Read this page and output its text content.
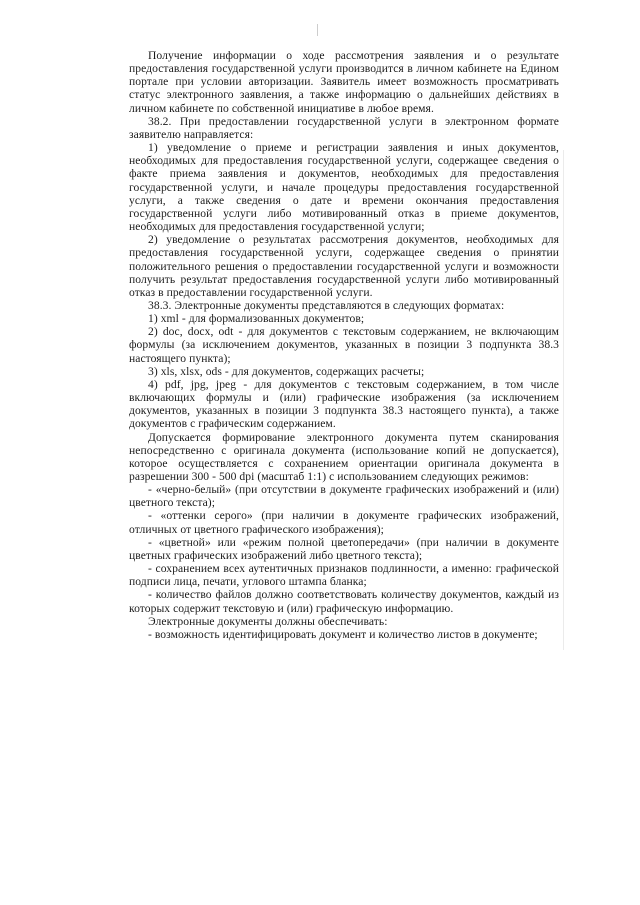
Получение информации о ходе рассмотрения заявления и о результате предоставления государственной услуги производится в личном кабинете на Едином портале при условии авторизации. Заявитель имеет возможность просматривать статус электронного заявления, а также информацию о дальнейших действиях в личном кабинете по собственной инициативе в любое время.

38.2. При предоставлении государственной услуги в электронном формате заявителю направляется:

1) уведомление о приеме и регистрации заявления и иных документов, необходимых для предоставления государственной услуги, содержащее сведения о факте приема заявления и документов, необходимых для предоставления государственной услуги, и начале процедуры предоставления государственной услуги, а также сведения о дате и времени окончания предоставления государственной услуги либо мотивированный отказ в приеме документов, необходимых для предоставления государственной услуги;

2) уведомление о результатах рассмотрения документов, необходимых для предоставления государственной услуги, содержащее сведения о принятии положительного решения о предоставлении государственной услуги и возможности получить результат предоставления государственной услуги либо мотивированный отказ в предоставлении государственной услуги.

38.3. Электронные документы представляются в следующих форматах:

1) xml - для формализованных документов;

2) doc, docx, odt - для документов с текстовым содержанием, не включающим формулы (за исключением документов, указанных в позиции 3 подпункта 38.3 настоящего пункта);

3) xls, xlsx, ods - для документов, содержащих расчеты;

4) pdf, jpg, jpeg - для документов с текстовым содержанием, в том числе включающих формулы и (или) графические изображения (за исключением документов, указанных в позиции 3 подпункта 38.3 настоящего пункта), а также документов с графическим содержанием.

Допускается формирование электронного документа путем сканирования непосредственно с оригинала документа (использование копий не допускается), которое осуществляется с сохранением ориентации оригинала документа в разрешении 300 - 500 dpi (масштаб 1:1) с использованием следующих режимов:

- «черно-белый» (при отсутствии в документе графических изображений и (или) цветного текста);

- «оттенки серого» (при наличии в документе графических изображений, отличных от цветного графического изображения);

- «цветной» или «режим полной цветопередачи» (при наличии в документе цветных графических изображений либо цветного текста);

- сохранением всех аутентичных признаков подлинности, а именно: графической подписи лица, печати, углового штампа бланка;

- количество файлов должно соответствовать количеству документов, каждый из которых содержит текстовую и (или) графическую информацию.

Электронные документы должны обеспечивать:

- возможность идентифицировать документ и количество листов в документе;
